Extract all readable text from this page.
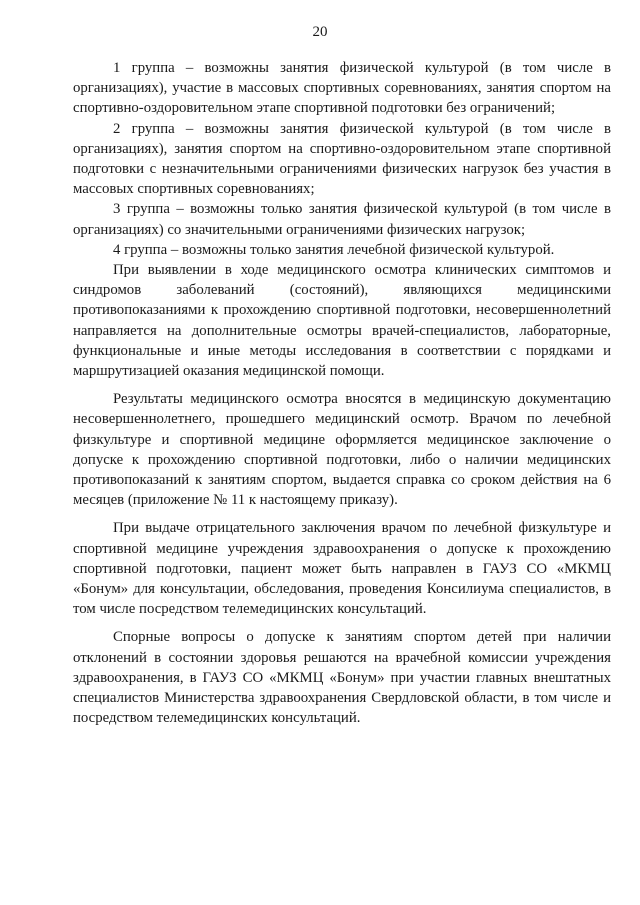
20

1 группа – возможны занятия физической культурой (в том числе в организациях), участие в массовых спортивных соревнованиях, занятия спортом на спортивно-оздоровительном этапе спортивной подготовки без ограничений;

2 группа – возможны занятия физической культурой (в том числе в организациях), занятия спортом на спортивно-оздоровительном этапе спортивной подготовки с незначительными ограничениями физических нагрузок без участия в массовых спортивных соревнованиях;

3 группа – возможны только занятия физической культурой (в том числе в организациях) со значительными ограничениями физических нагрузок;

4 группа – возможны только занятия лечебной физической культурой.

При выявлении в ходе медицинского осмотра клинических симптомов и синдромов заболеваний (состояний), являющихся медицинскими противопоказаниями к прохождению спортивной подготовки, несовершеннолетний направляется на дополнительные осмотры врачей-специалистов, лабораторные, функциональные и иные методы исследования в соответствии с порядками и маршрутизацией оказания медицинской помощи.

Результаты медицинского осмотра вносятся в медицинскую документацию несовершеннолетнего, прошедшего медицинский осмотр. Врачом по лечебной физкультуре и спортивной медицине оформляется медицинское заключение о допуске к прохождению спортивной подготовки, либо о наличии медицинских противопоказаний к занятиям спортом, выдается справка со сроком действия на 6 месяцев (приложение № 11 к настоящему приказу).

При выдаче отрицательного заключения врачом по лечебной физкультуре и спортивной медицине учреждения здравоохранения о допуске к прохождению спортивной подготовки, пациент может быть направлен в ГАУЗ СО «МКМЦ «Бонум» для консультации, обследования, проведения Консилиума специалистов, в том числе посредством телемедицинских консультаций.

Спорные вопросы о допуске к занятиям спортом детей при наличии отклонений в состоянии здоровья решаются на врачебной комиссии учреждения здравоохранения, в ГАУЗ СО «МКМЦ «Бонум» при участии главных внештатных специалистов Министерства здравоохранения Свердловской области, в том числе и посредством телемедицинских консультаций.
